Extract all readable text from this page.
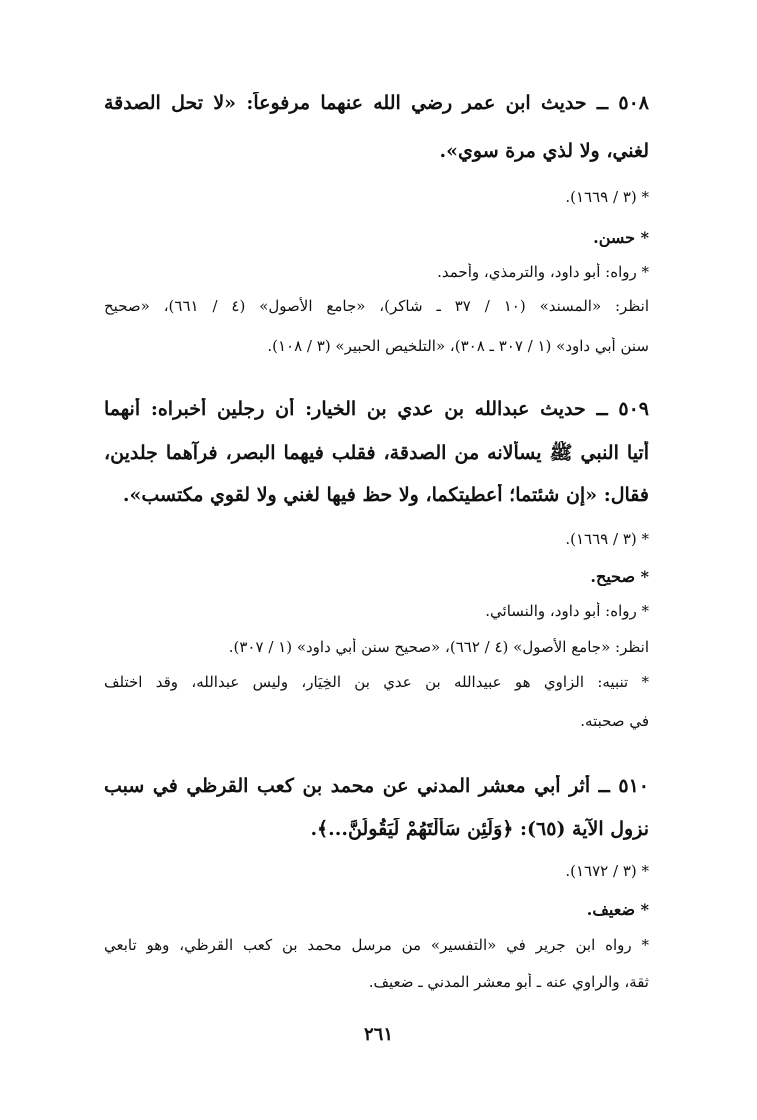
٥٠٨ ــ حديث ابن عمر رضي الله عنهما مرفوعاً: «لا تحل الصدقة
لغني، ولا لذي مرة سوي».
* (٣ / ١٦٦٩).
* حسن.
* رواه: أبو داود، والترمذي، وأحمد.
انظر: «المسند» (١٠ / ٣٧ ـ شاكر)، «جامع الأصول» (٤ / ٦٦١)، «صحيح
سنن أبي داود» (١ / ٣٠٧ ـ ٣٠٨)، «التلخيص الحبير» (٣ / ١٠٨).
٥٠٩ ــ حديث عبدالله بن عدي بن الخيار: أن رجلين أخبراه: أنهما
أتيا النبي ﷺ يسألانه من الصدقة، فقلب فيهما البصر، فرآهما جلدين،
فقال: «إن شئتما؛ أعطيتكما، ولا حظ فيها لغني ولا لقوي مكتسب».
* (٣ / ١٦٦٩).
* صحيح.
* رواه: أبو داود، والنسائي.
انظر: «جامع الأصول» (٤ / ٦٦٢)، «صحيح سنن أبي داود» (١ / ٣٠٧).
* تنبيه: الزاوي هو عبيدالله بن عدي بن الخِيَار، وليس عبدالله، وقد اختلف
في صحبته.
٥١٠ ــ أثر أبي معشر المدني عن محمد بن كعب القرظي في سبب
نزول الآية (٦٥): ﴿وَلَئِن سَأَلْتَهُمْ لَيَقُولُنَّ...﴾.
* (٣ / ١٦٧٢).
* ضعيف.
* رواه ابن جرير في «التفسير» من مرسل محمد بن كعب القرظي، وهو تابعي
ثقة، والراوي عنه ـ أبو معشر المدني ـ ضعيف.
٢٦١
